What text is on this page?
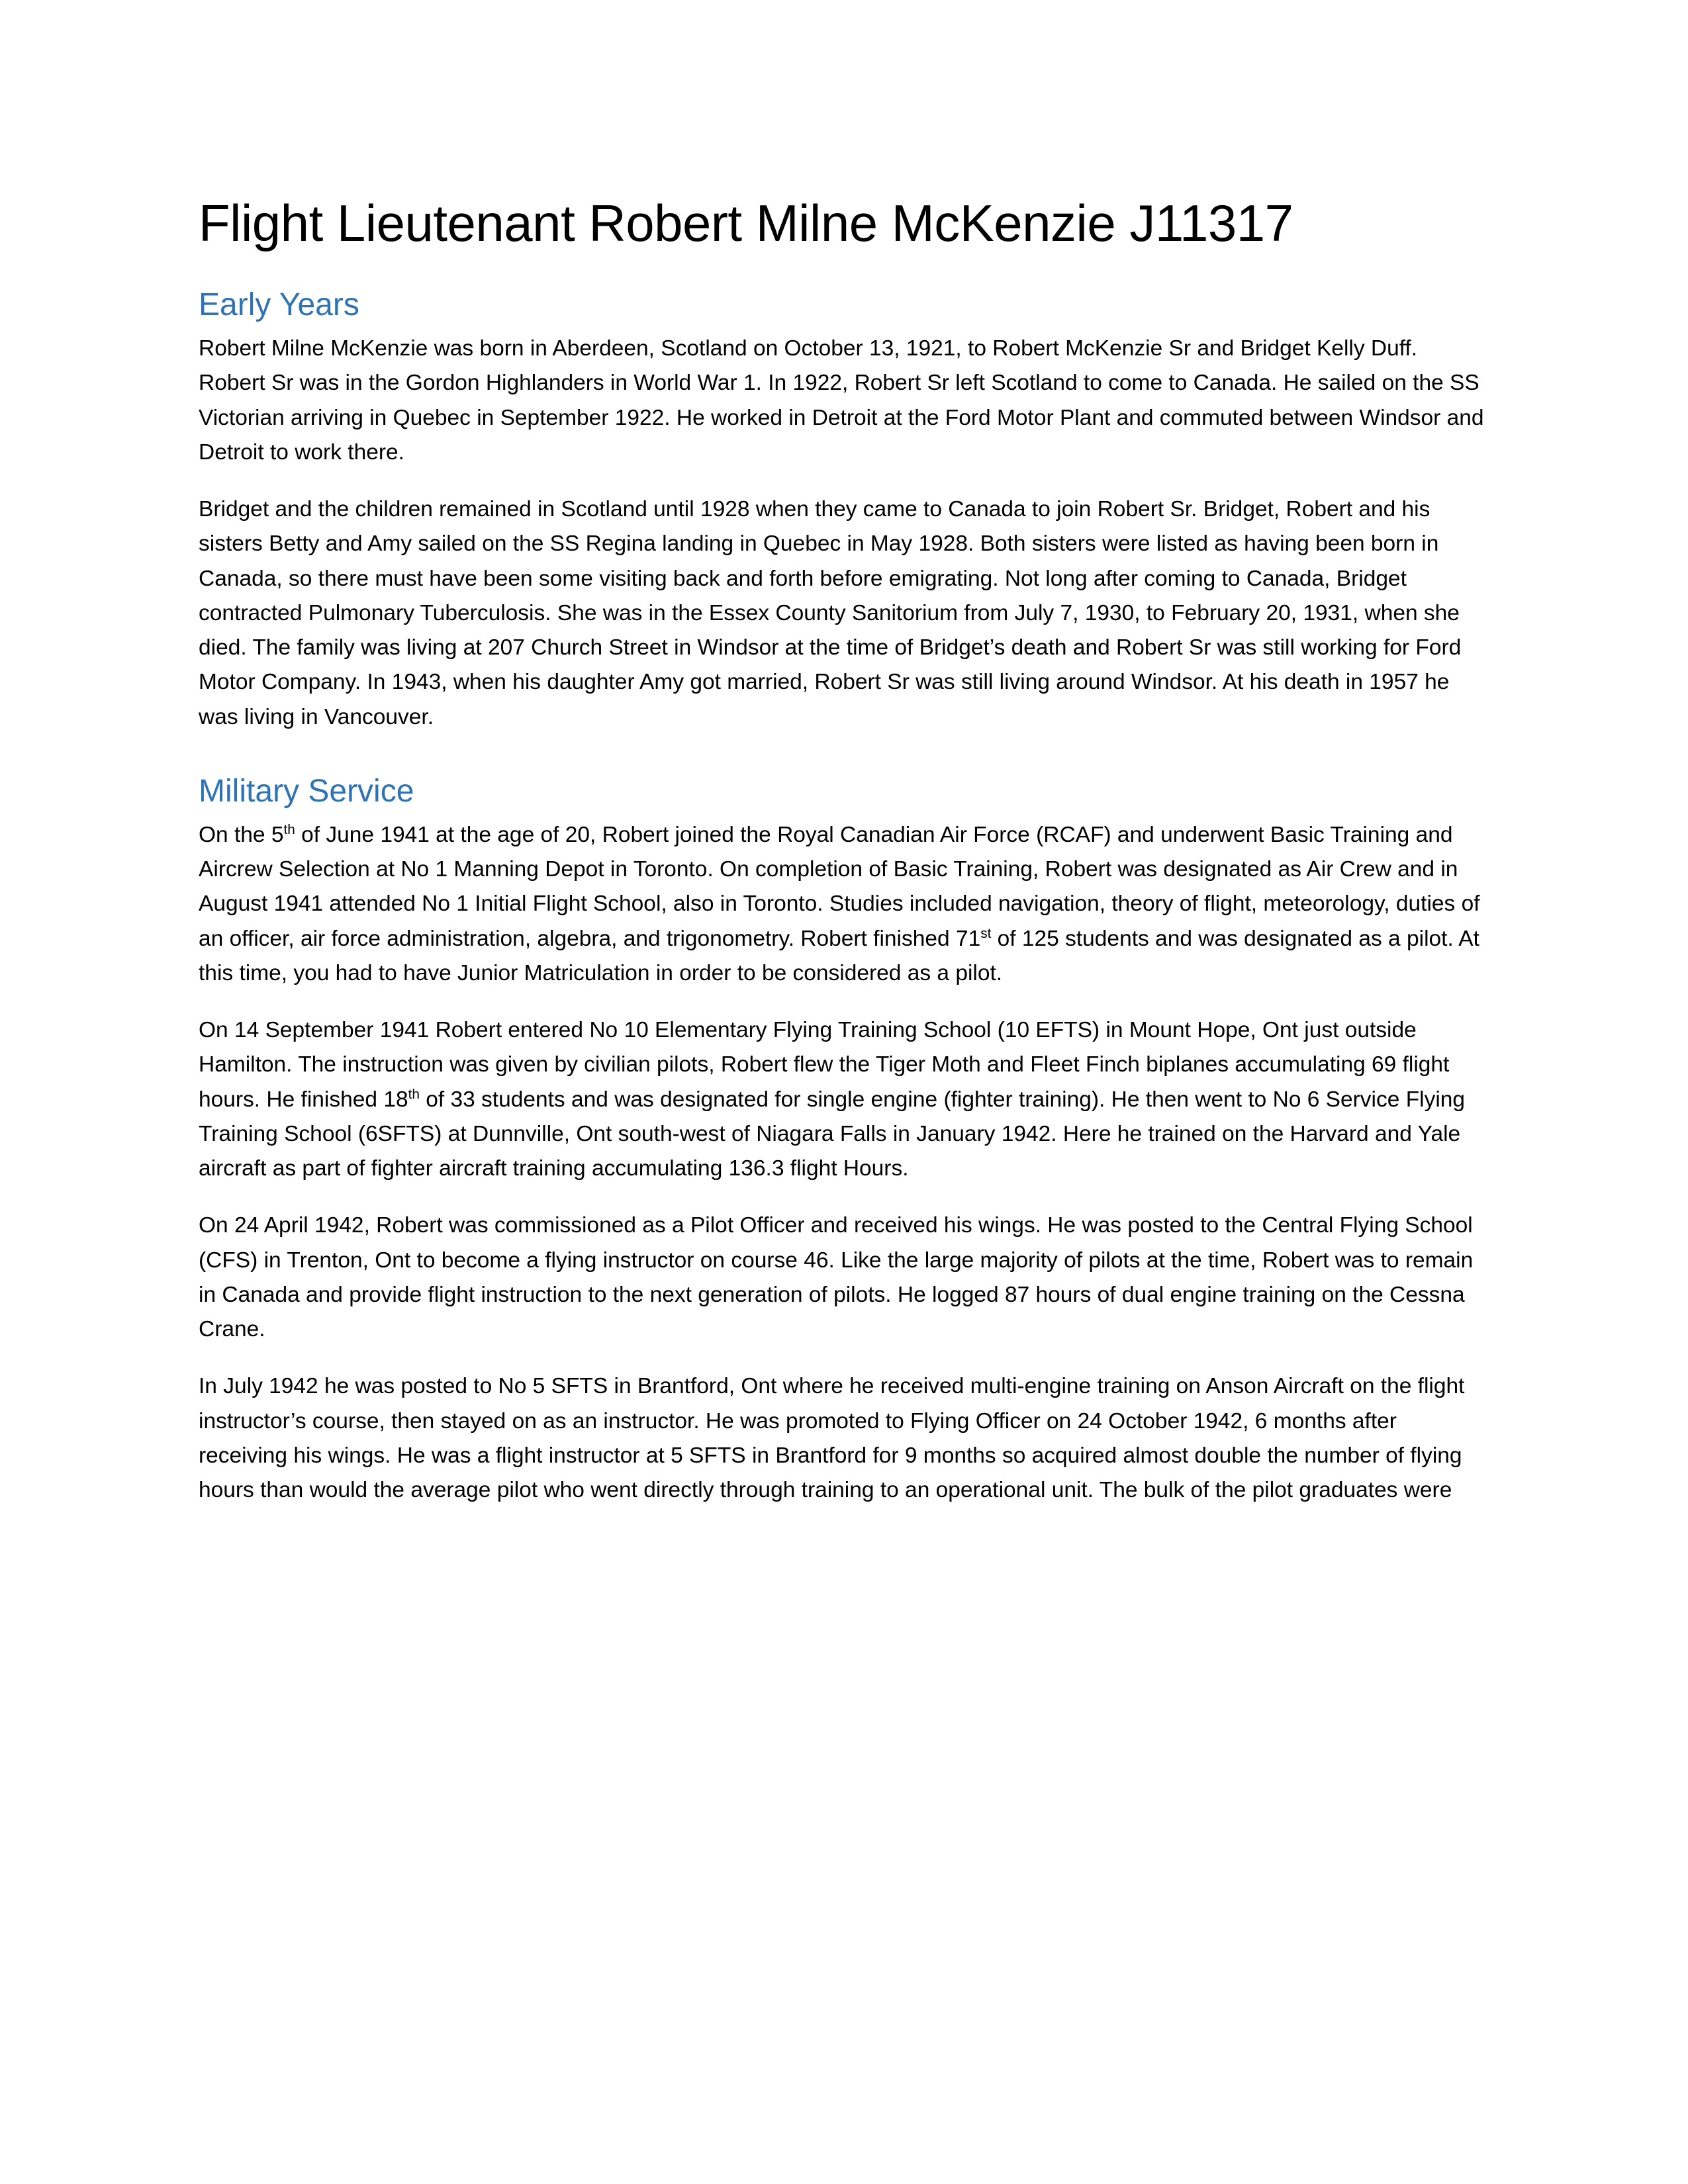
Flight Lieutenant Robert Milne McKenzie J11317
Early Years

Robert Milne McKenzie was born in Aberdeen, Scotland on October 13, 1921, to Robert McKenzie Sr and Bridget Kelly Duff. Robert Sr was in the Gordon Highlanders in World War 1. In 1922, Robert Sr left Scotland to come to Canada. He sailed on the SS Victorian arriving in Quebec in September 1922. He worked in Detroit at the Ford Motor Plant and commuted between Windsor and Detroit to work there.

Bridget and the children remained in Scotland until 1928 when they came to Canada to join Robert Sr. Bridget, Robert and his sisters Betty and Amy sailed on the SS Regina landing in Quebec in May 1928. Both sisters were listed as having been born in Canada, so there must have been some visiting back and forth before emigrating. Not long after coming to Canada, Bridget contracted Pulmonary Tuberculosis. She was in the Essex County Sanitorium from July 7, 1930, to February 20, 1931, when she died. The family was living at 207 Church Street in Windsor at the time of Bridget’s death and Robert Sr was still working for Ford Motor Company. In 1943, when his daughter Amy got married, Robert Sr was still living around Windsor. At his death in 1957 he was living in Vancouver.

Military Service

On the 5th of June 1941 at the age of 20, Robert joined the Royal Canadian Air Force (RCAF) and underwent Basic Training and Aircrew Selection at No 1 Manning Depot in Toronto. On completion of Basic Training, Robert was designated as Air Crew and in August 1941 attended No 1 Initial Flight School, also in Toronto. Studies included navigation, theory of flight, meteorology, duties of an officer, air force administration, algebra, and trigonometry. Robert finished 71st of 125 students and was designated as a pilot. At this time, you had to have Junior Matriculation in order to be considered as a pilot.

On 14 September 1941 Robert entered No 10 Elementary Flying Training School (10 EFTS) in Mount Hope, Ont just outside Hamilton. The instruction was given by civilian pilots, Robert flew the Tiger Moth and Fleet Finch biplanes accumulating 69 flight hours. He finished 18th of 33 students and was designated for single engine (fighter training). He then went to No 6 Service Flying Training School (6SFTS) at Dunnville, Ont south-west of Niagara Falls in January 1942. Here he trained on the Harvard and Yale aircraft as part of fighter aircraft training accumulating 136.3 flight Hours.

On 24 April 1942, Robert was commissioned as a Pilot Officer and received his wings. He was posted to the Central Flying School (CFS) in Trenton, Ont to become a flying instructor on course 46. Like the large majority of pilots at the time, Robert was to remain in Canada and provide flight instruction to the next generation of pilots. He logged 87 hours of dual engine training on the Cessna Crane.

In July 1942 he was posted to No 5 SFTS in Brantford, Ont where he received multi-engine training on Anson Aircraft on the flight instructor’s course, then stayed on as an instructor. He was promoted to Flying Officer on 24 October 1942, 6 months after receiving his wings. He was a flight instructor at 5 SFTS in Brantford for 9 months so acquired almost double the number of flying hours than would the average pilot who went directly through training to an operational unit. The bulk of the pilot graduates were
